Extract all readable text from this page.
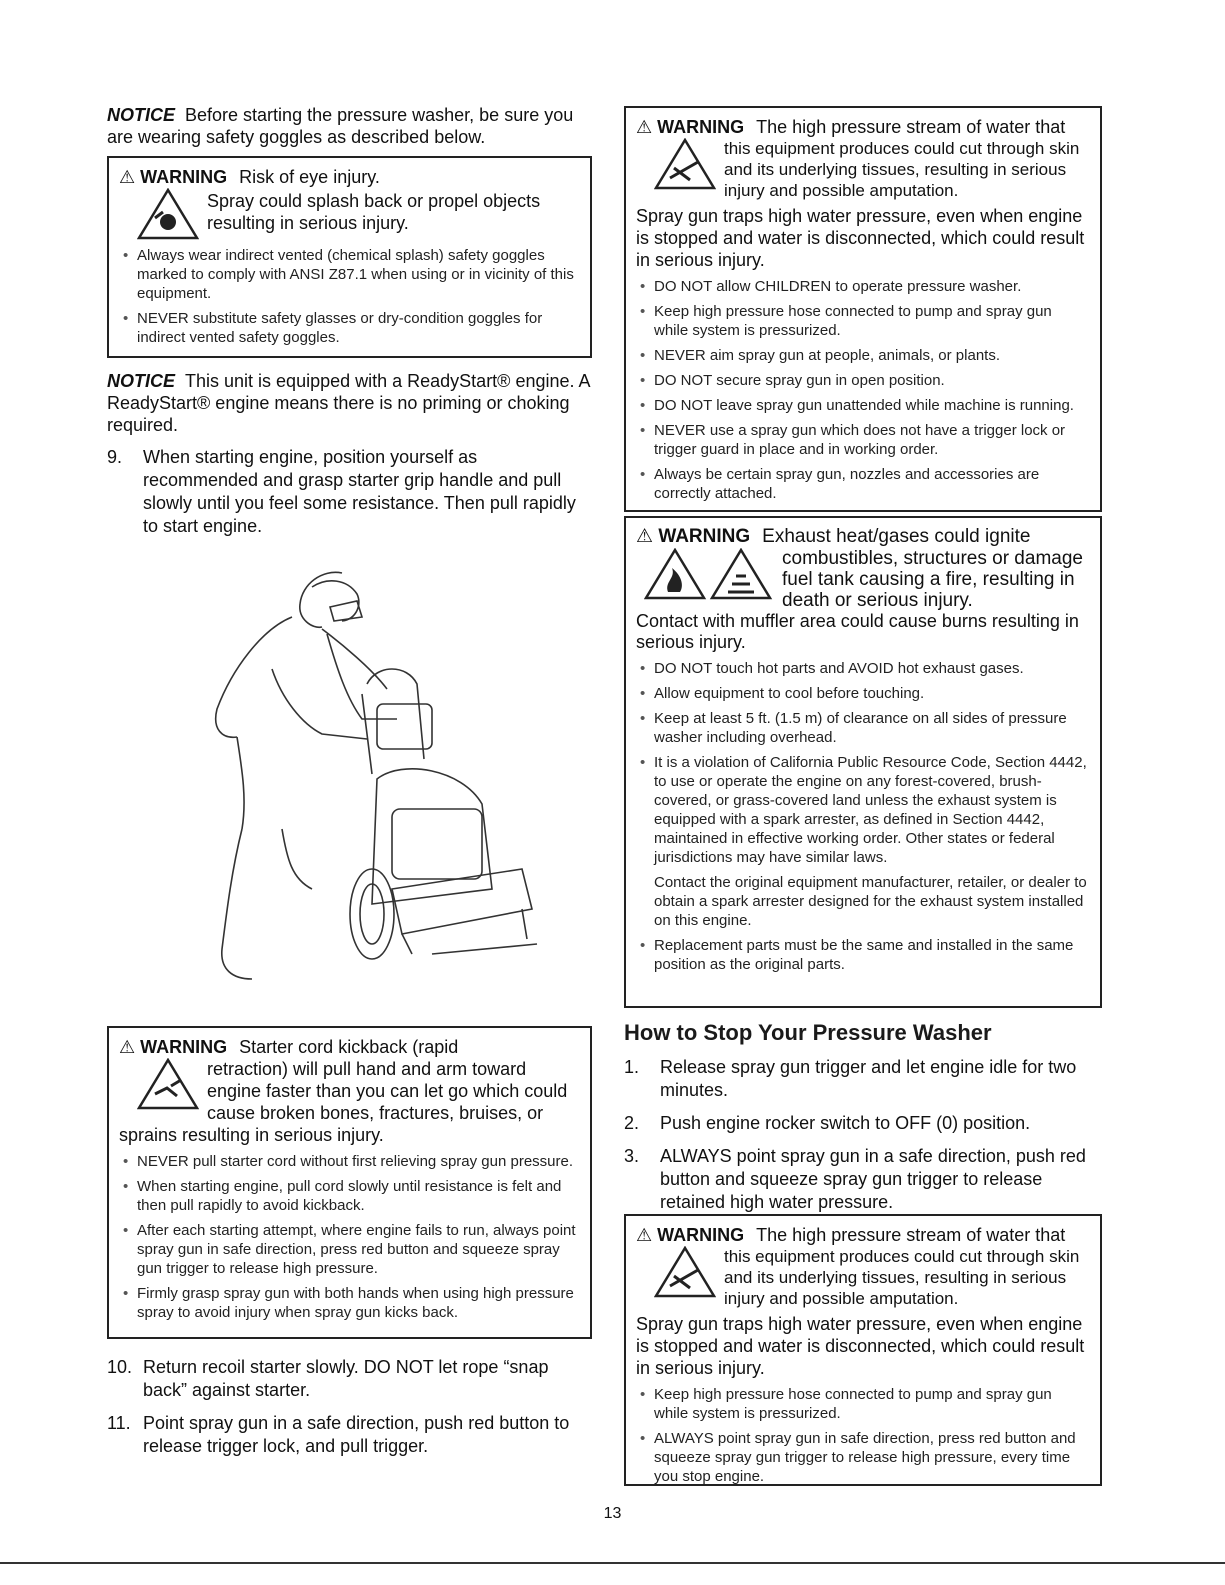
NOTICE Before starting the pressure washer, be sure you are wearing safety goggles as described below.

⚠ WARNING Risk of eye injury.
Spray could splash back or propel objects resulting in serious injury.
• Always wear indirect vented (chemical splash) safety goggles marked to comply with ANSI Z87.1 when using or in vicinity of this equipment.
• NEVER substitute safety glasses or dry-condition goggles for indirect vented safety goggles.

NOTICE This unit is equipped with a ReadyStart® engine. A ReadyStart® engine means there is no priming or choking required.

9. When starting engine, position yourself as recommended and grasp starter grip handle and pull slowly until you feel some resistance. Then pull rapidly to start engine.
⚠ WARNING Starter cord kickback (rapid
retraction) will pull hand and arm toward engine faster than you can let go which could cause broken bones, fractures, bruises, or sprains resulting in serious injury.
• NEVER pull starter cord without first relieving spray gun pressure.
• When starting engine, pull cord slowly until resistance is felt and then pull rapidly to avoid kickback.
• After each starting attempt, where engine fails to run, always point spray gun in safe direction, press red button and squeeze spray gun trigger to release high pressure.
• Firmly grasp spray gun with both hands when using high pressure spray to avoid injury when spray gun kicks back.
10. Return recoil starter slowly. DO NOT let rope “snap back” against starter.
11. Point spray gun in a safe direction, push red button to release trigger lock, and pull trigger.
⚠ WARNING The high pressure stream of water that
this equipment produces could cut through skin and its underlying tissues, resulting in serious injury and possible amputation.
Spray gun traps high water pressure, even when engine is stopped and water is disconnected, which could result in serious injury.
• DO NOT allow CHILDREN to operate pressure washer.
• Keep high pressure hose connected to pump and spray gun while system is pressurized.
• NEVER aim spray gun at people, animals, or plants.
• DO NOT secure spray gun in open position.
• DO NOT leave spray gun unattended while machine is running.
• NEVER use a spray gun which does not have a trigger lock or trigger guard in place and in working order.
• Always be certain spray gun, nozzles and accessories are correctly attached.
⚠ WARNING Exhaust heat/gases could ignite
combustibles, structures or damage fuel tank causing a fire, resulting in death or serious injury.
Contact with muffler area could cause burns resulting in serious injury.
• DO NOT touch hot parts and AVOID hot exhaust gases.
• Allow equipment to cool before touching.
• Keep at least 5 ft. (1.5 m) of clearance on all sides of pressure washer including overhead.
• It is a violation of California Public Resource Code, Section 4442, to use or operate the engine on any forest-covered, brush-covered, or grass-covered land unless the exhaust system is equipped with a spark arrester, as defined in Section 4442, maintained in effective working order. Other states or federal jurisdictions may have similar laws.
Contact the original equipment manufacturer, retailer, or dealer to obtain a spark arrester designed for the exhaust system installed on this engine.
• Replacement parts must be the same and installed in the same position as the original parts.
How to Stop Your Pressure Washer
1. Release spray gun trigger and let engine idle for two minutes.
2. Push engine rocker switch to OFF (0) position.
3. ALWAYS point spray gun in a safe direction, push red button and squeeze spray gun trigger to release retained high water pressure.
⚠ WARNING The high pressure stream of water that
this equipment produces could cut through skin and its underlying tissues, resulting in serious injury and possible amputation.
Spray gun traps high water pressure, even when engine is stopped and water is disconnected, which could result in serious injury.
• Keep high pressure hose connected to pump and spray gun while system is pressurized.
• ALWAYS point spray gun in safe direction, press red button and squeeze spray gun trigger to release high pressure, every time you stop engine.
13
